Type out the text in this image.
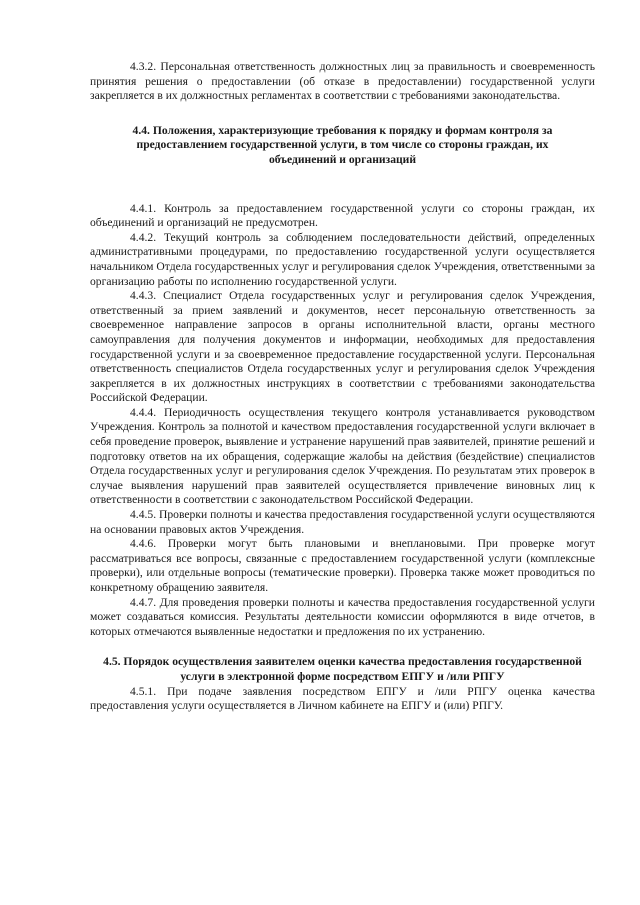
4.3.2. Персональная ответственность должностных лиц за правильность и своевременность принятия решения о предоставлении (об отказе в предоставлении) государственной услуги закрепляется в их должностных регламентах в соответствии с требованиями законодательства.

4.4. Положения, характеризующие требования к порядку и формам контроля за предоставлением государственной услуги, в том числе со стороны граждан, их объединений и организаций

4.4.1. Контроль за предоставлением государственной услуги со стороны граждан, их объединений и организаций не предусмотрен.

4.4.2. Текущий контроль за соблюдением последовательности действий, определенных административными процедурами, по предоставлению государственной услуги осуществляется начальником Отдела государственных услуг и регулирования сделок Учреждения, ответственными за организацию работы по исполнению государственной услуги.

4.4.3. Специалист Отдела государственных услуг и регулирования сделок Учреждения, ответственный за прием заявлений и документов, несет персональную ответственность за своевременное направление запросов в органы исполнительной власти, органы местного самоуправления для получения документов и информации, необходимых для предоставления государственной услуги и за своевременное предоставление государственной услуги. Персональная ответственность специалистов Отдела государственных услуг и регулирования сделок Учреждения закрепляется в их должностных инструкциях в соответствии с требованиями законодательства Российской Федерации.

4.4.4. Периодичность осуществления текущего контроля устанавливается руководством Учреждения. Контроль за полнотой и качеством предоставления государственной услуги включает в себя проведение проверок, выявление и устранение нарушений прав заявителей, принятие решений и подготовку ответов на их обращения, содержащие жалобы на действия (бездействие) специалистов Отдела государственных услуг и регулирования сделок Учреждения. По результатам этих проверок в случае выявления нарушений прав заявителей осуществляется привлечение виновных лиц к ответственности в соответствии с законодательством Российской Федерации.

4.4.5. Проверки полноты и качества предоставления государственной услуги осуществляются на основании правовых актов Учреждения.

4.4.6. Проверки могут быть плановыми и внеплановыми. При проверке могут рассматриваться все вопросы, связанные с предоставлением государственной услуги (комплексные проверки), или отдельные вопросы (тематические проверки). Проверка также может проводиться по конкретному обращению заявителя.

4.4.7. Для проведения проверки полноты и качества предоставления государственной услуги может создаваться комиссия. Результаты деятельности комиссии оформляются в виде отчетов, в которых отмечаются выявленные недостатки и предложения по их устранению.

4.5. Порядок осуществления заявителем оценки качества предоставления государственной услуги в электронной форме посредством ЕПГУ и /или РПГУ

4.5.1. При подаче заявления посредством ЕПГУ и /или РПГУ оценка качества предоставления услуги осуществляется в Личном кабинете на ЕПГУ и (или) РПГУ.
